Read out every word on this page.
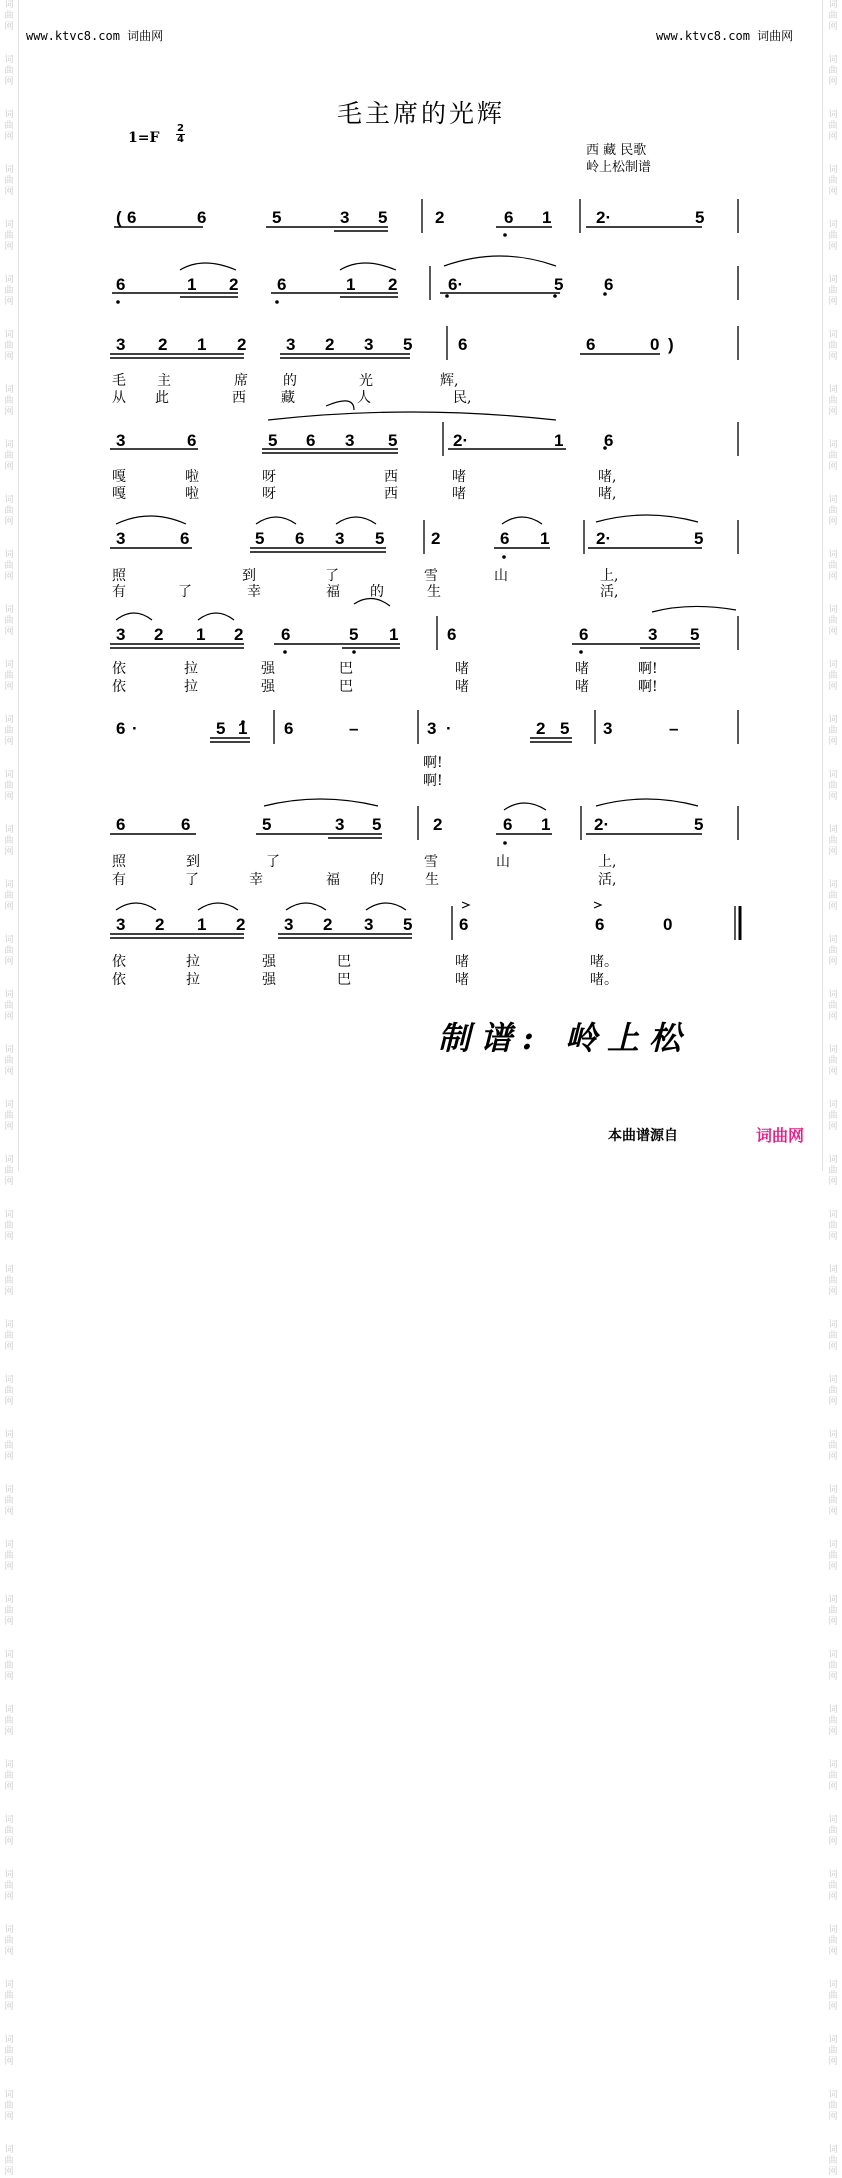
词曲网

词曲网

词曲网

词曲网

词曲网

词曲网

词曲网

词曲网

词曲网

词曲网

词曲网

词曲网

词曲网

词曲网

词曲网

词曲网

词曲网

词曲网

词曲网

词曲网

词曲网

词曲网

词曲网

词曲网

词曲网

词曲网

词曲网

词曲网

词曲网

词曲网

词曲网

词曲网

词曲网

词曲网

词曲网

词曲网

词曲网

词曲网

词曲网

词曲网

词曲网

词曲网

词曲网

词曲网

词曲网

词曲网

词曲网

词曲网

词曲网

词曲网

词曲网

词曲网

词曲网

词曲网

词曲网

词曲网

词曲网

词曲网

词曲网

词曲网

词曲网

词曲网

词曲网

词曲网

词曲网

词曲网

词曲网

词曲网

词曲网

词曲网

词曲网

词曲网

词曲网

词曲网

词曲网

词曲网

词曲网

词曲网

词曲网

词曲网

www.ktvc8.com 词曲网	www.ktvc8.com 词曲网
毛主席的光辉
1=F
2
4
西 藏 民歌
岭上松制谱
( 6	6	5	3 5	2	6 1	2·	5
6	1 2 6	1 2	6·	5 6
3 2 1 2 3 2 3 5	6	6	0 )
3	6	5 6 3 5	2·	1 6
3	6	5 6 3 5	2	6 1	2·	5
3 2 1 2 6	5 1	6	6	3 5
6 ·	5 1 6	–	3 ·	2 5 3	–
6	6	5	3 5	2	6 1	2·	5
3 2 1 2 3 2 3 5	6	6	0
毛 主	席	的	光	辉,
从 此	西	藏	人	民,
嘎	啦	呀	西	啫	啫,
嘎	啦	呀	西	啫	啫,
照	到	了	雪	山	上,
有	了	幸	福 的	生	活,
依	拉	强	巴	啫	啫	啊!
依	拉	强	巴	啫	啫	啊!
啊!
啊!
照	到	了	雪	山	上,
有	了	幸	福 的	生	活,
依	拉	强	巴	啫	啫。
依	拉	强	巴	啫	啫。
制谱: 岭上松
本曲谱源自	词曲网
